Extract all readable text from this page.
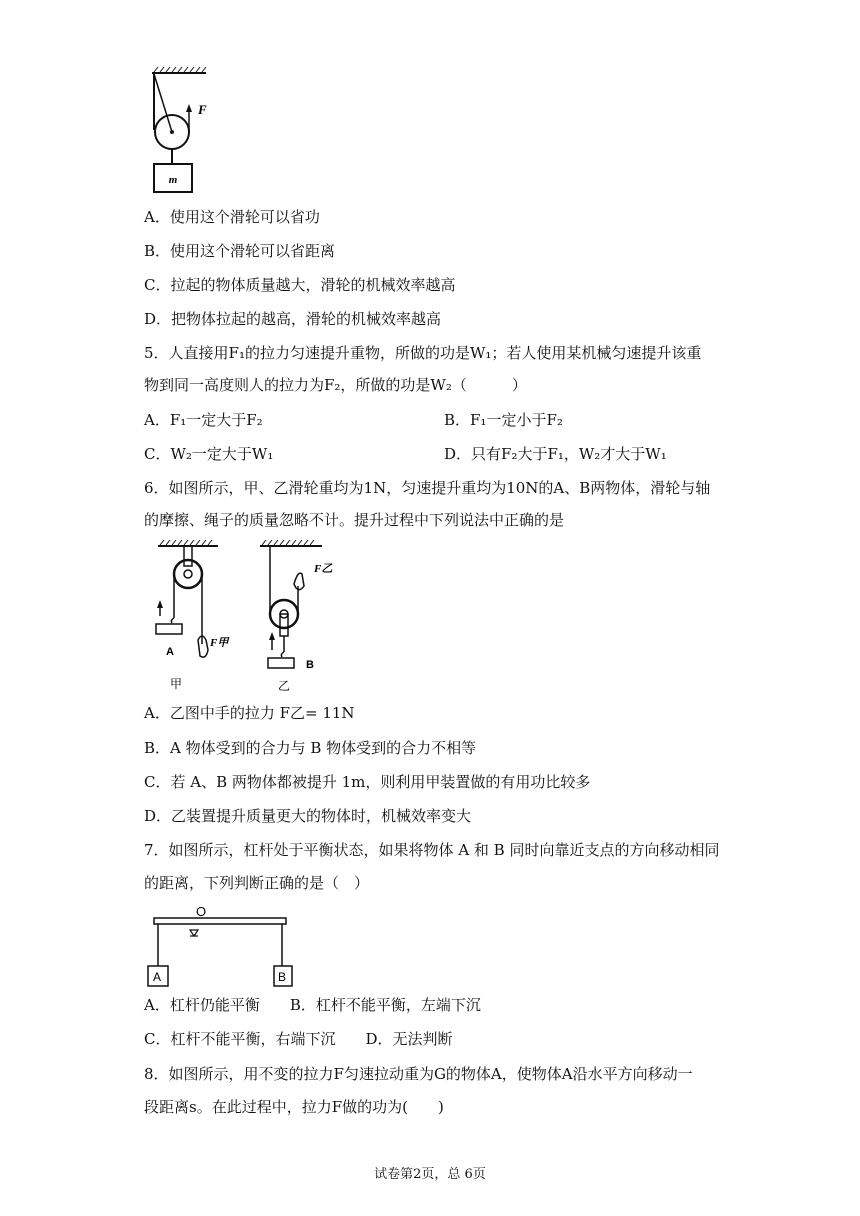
F
m
A．使用这个滑轮可以省功
B．使用这个滑轮可以省距离
C．拉起的物体质量越大，滑轮的机械效率越高
D．把物体拉起的越高，滑轮的机械效率越高
5．人直接用F₁的拉力匀速提升重物，所做的功是W₁；若人使用某机械匀速提升该重
物到同一高度则人的拉力为F₂，所做的功是W₂（　　　）
A．F₁一定大于F₂	B．F₁一定小于F₂
C．W₂一定大于W₁	D．只有F₂大于F₁，W₂才大于W₁
6．如图所示，甲、乙滑轮重均为1N，匀速提升重均为10N的A、B两物体，滑轮与轴
的摩擦、绳子的质量忽略不计。提升过程中下列说法中正确的是
F甲
A
甲
F乙
B
乙
A．乙图中手的拉力 F乙= 11N
B．A 物体受到的合力与 B 物体受到的合力不相等
C．若 A、B 两物体都被提升 1m，则利用甲装置做的有用功比较多
D．乙装置提升质量更大的物体时，机械效率变大
7．如图所示，杠杆处于平衡状态，如果将物体 A 和 B 同时向靠近支点的方向移动相同
的距离，下列判断正确的是（　）
O
A	B
A．杠杆仍能平衡　　B．杠杆不能平衡，左端下沉
C．杠杆不能平衡，右端下沉　　D．无法判断
8．如图所示，用不变的拉力F匀速拉动重为G的物体A，使物体A沿水平方向移动一
段距离s。在此过程中，拉力F做的功为(　　)
试卷第2页，总 6页
